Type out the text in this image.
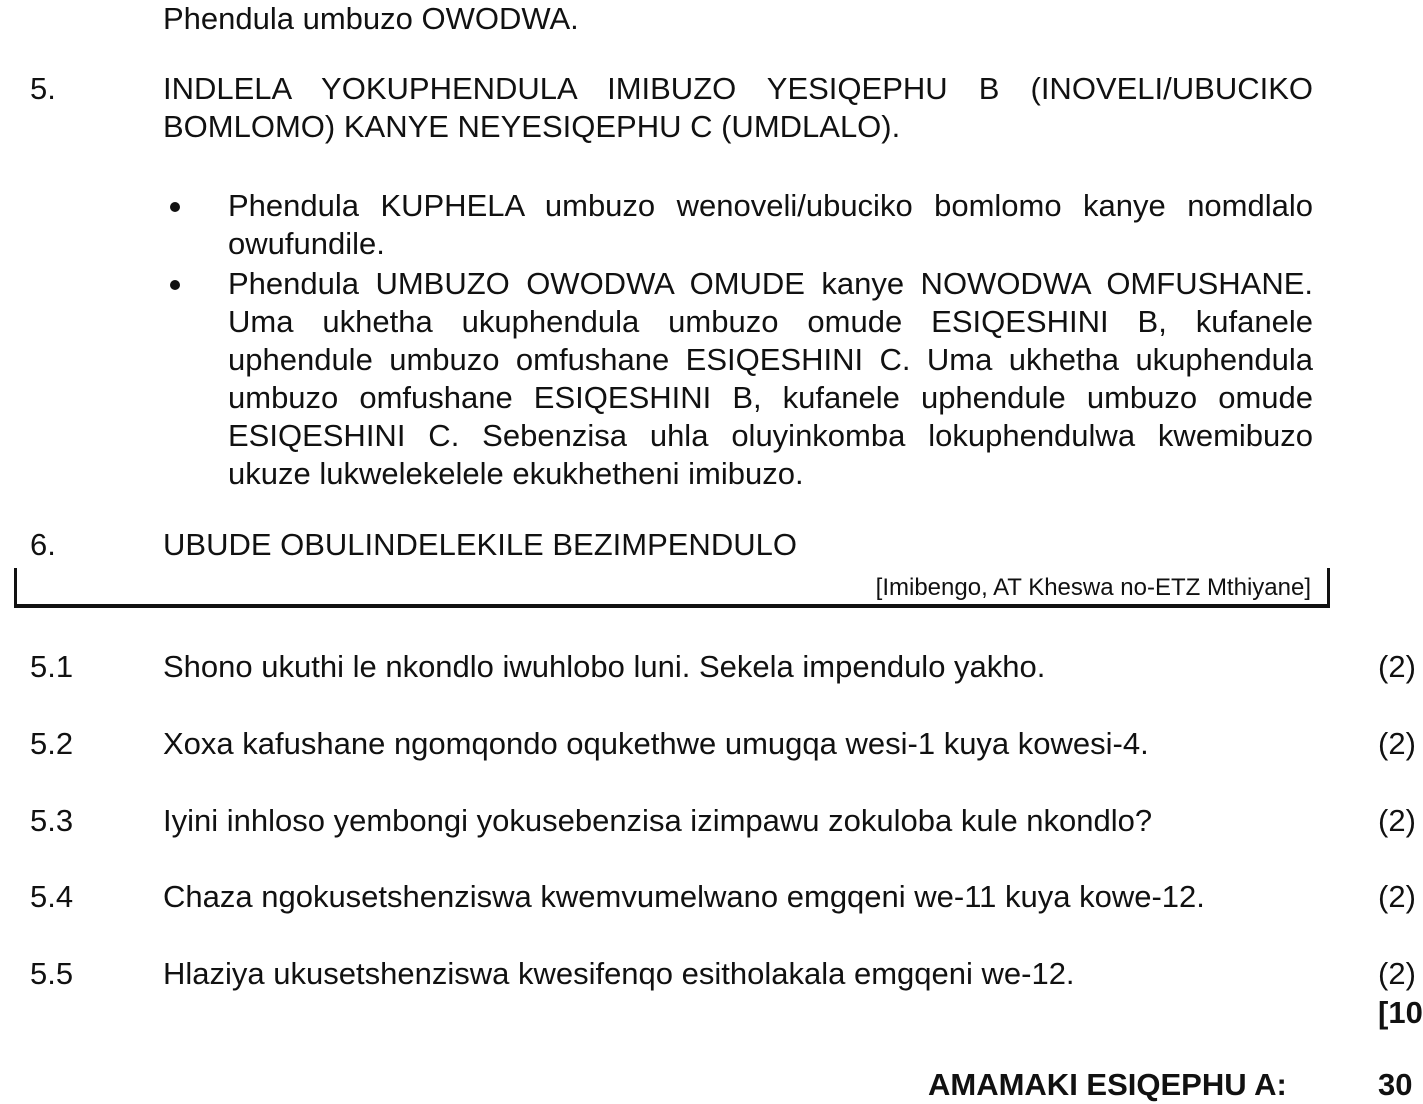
Phendula umbuzo OWODWA.
5.	INDLELA YOKUPHENDULA IMIBUZO YESIQEPHU B (INOVELI/UBUCIKO
BOMLOMO) KANYE NEYESIQEPHU C (UMDLALO).
Phendula KUPHELA umbuzo wenoveli/ubuciko bomlomo kanye nomdlalo owufundile.
Phendula UMBUZO OWODWA OMUDE kanye NOWODWA OMFUSHANE. Uma ukhetha ukuphendula umbuzo omude ESIQESHINI B, kufanele uphendule umbuzo omfushane ESIQESHINI C. Uma ukhetha ukuphendula umbuzo omfushane ESIQESHINI B, kufanele uphendule umbuzo omude ESIQESHINI C. Sebenzisa uhla oluyinkomba lokuphendulwa kwemibuzo ukuze lukwelekelele ekukhetheni imibuzo.
6.	UBUDE OBULINDELEKILE BEZIMPENDULO
[Imibengo, AT Kheswa no-ETZ Mthiyane]
5.1	Shono ukuthi le nkondlo iwuhlobo luni. Sekela impendulo yakho.	(2)
5.2	Xoxa kafushane ngomqondo oqukethwe umugqa wesi-1 kuya kowesi-4.	(2)
5.3	Iyini inhloso yembongi yokusebenzisa izimpawu zokuloba kule nkondlo?	(2)
5.4	Chaza ngokusetshenziswa kwemvumelwano emgqeni we-11 kuya kowe-12.	(2)
5.5	Hlaziya ukusetshenziswa kwesifenqo esitholakala emgqeni we-12.	(2)
[10
AMAMAKI ESIQEPHU A:	30
